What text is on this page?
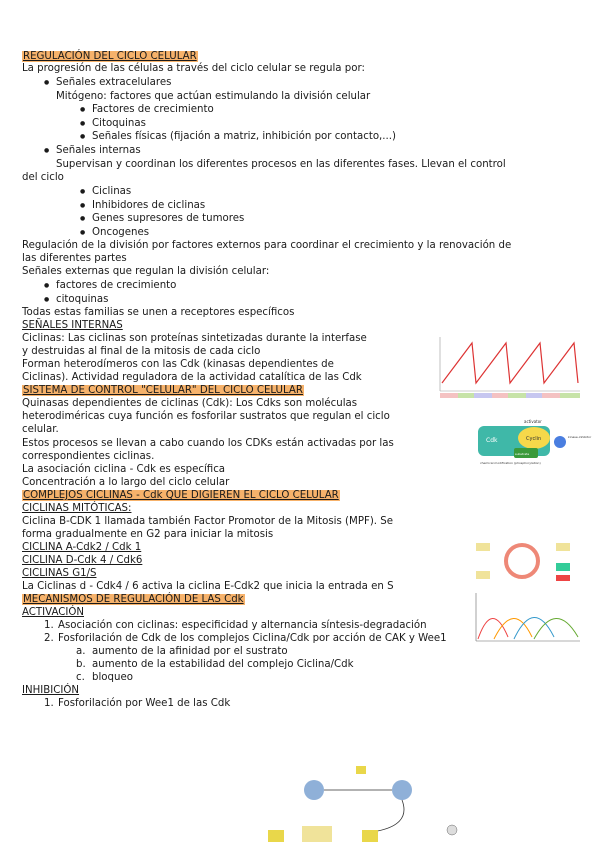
REGULACIÓN DEL CICLO CELULAR
La progresión de las células a través del ciclo celular se regula por:
● Señales extracelulares
Mitógeno: factores que actúan estimulando la división celular
● Factores de crecimiento
● Citoquinas
● Señales físicas (fijación a matriz, inhibición por contacto,...)
● Señales internas
Supervisan y coordinan los diferentes procesos en las diferentes fases. Llevan el control
del ciclo
● Ciclinas
● Inhibidores de ciclinas
● Genes supresores de tumores
● Oncogenes
Regulación de la división por factores externos para coordinar el crecimiento y la renovación de
las diferentes partes
Señales externas que regulan la división celular:
● factores de crecimiento
● citoquinas
Todas estas familias se unen a receptores específicos
SEÑALES INTERNAS
Ciclinas: Las ciclinas son proteínas sintetizadas durante la interfase
y destruidas al final de la mitosis de cada ciclo
Forman heterodímeros con las Cdk (kinasas dependientes de
Ciclinas). Actividad reguladora de la actividad catalítica de las Cdk
SISTEMA DE CONTROL "CELULAR" DEL CICLO CELULAR
Quinasas dependientes de ciclinas (Cdk): Los Cdks son moléculas
heterodiméricas cuya función es fosforilar sustratos que regulan el ciclo
celular.
Estos procesos se llevan a cabo cuando los CDKs están activadas por las
correspondientes ciclinas.
La asociación ciclina - Cdk es específica
Concentración a lo largo del ciclo celular
COMPLEJOS CICLINAS - Cdk QUE DIGIEREN EL CICLO CELULAR
CICLINAS MITÓTICAS:
Ciclina B-CDK 1 llamada también Factor Promotor de la Mitosis (MPF). Se
forma gradualmente en G2 para iniciar la mitosis
CICLINA A-Cdk2 / Cdk 1
CICLINA D-Cdk 4 / Cdk6
CICLINAS G1/S
La Ciclinas d - Cdk4 / 6 activa la ciclina E-Cdk2 que inicia la entrada en S
MECANISMOS DE REGULACIÓN DE LAS Cdk
ACTIVACIÓN
1. Asociación con ciclinas: especificidad y alternancia síntesis-degradación
2. Fosforilación de Cdk de los complejos Ciclina/Cdk por acción de CAK y Wee1
a. aumento de la afinidad por el sustrato
b. aumento de la estabilidad del complejo Ciclina/Cdk
c. bloqueo
INHIBICIÓN
1. Fosforilación por Wee1 de las Cdk
activator
Cdk	Cyclin	kinase-inhibitor
substrate
chemical modification (phosphorylation)
